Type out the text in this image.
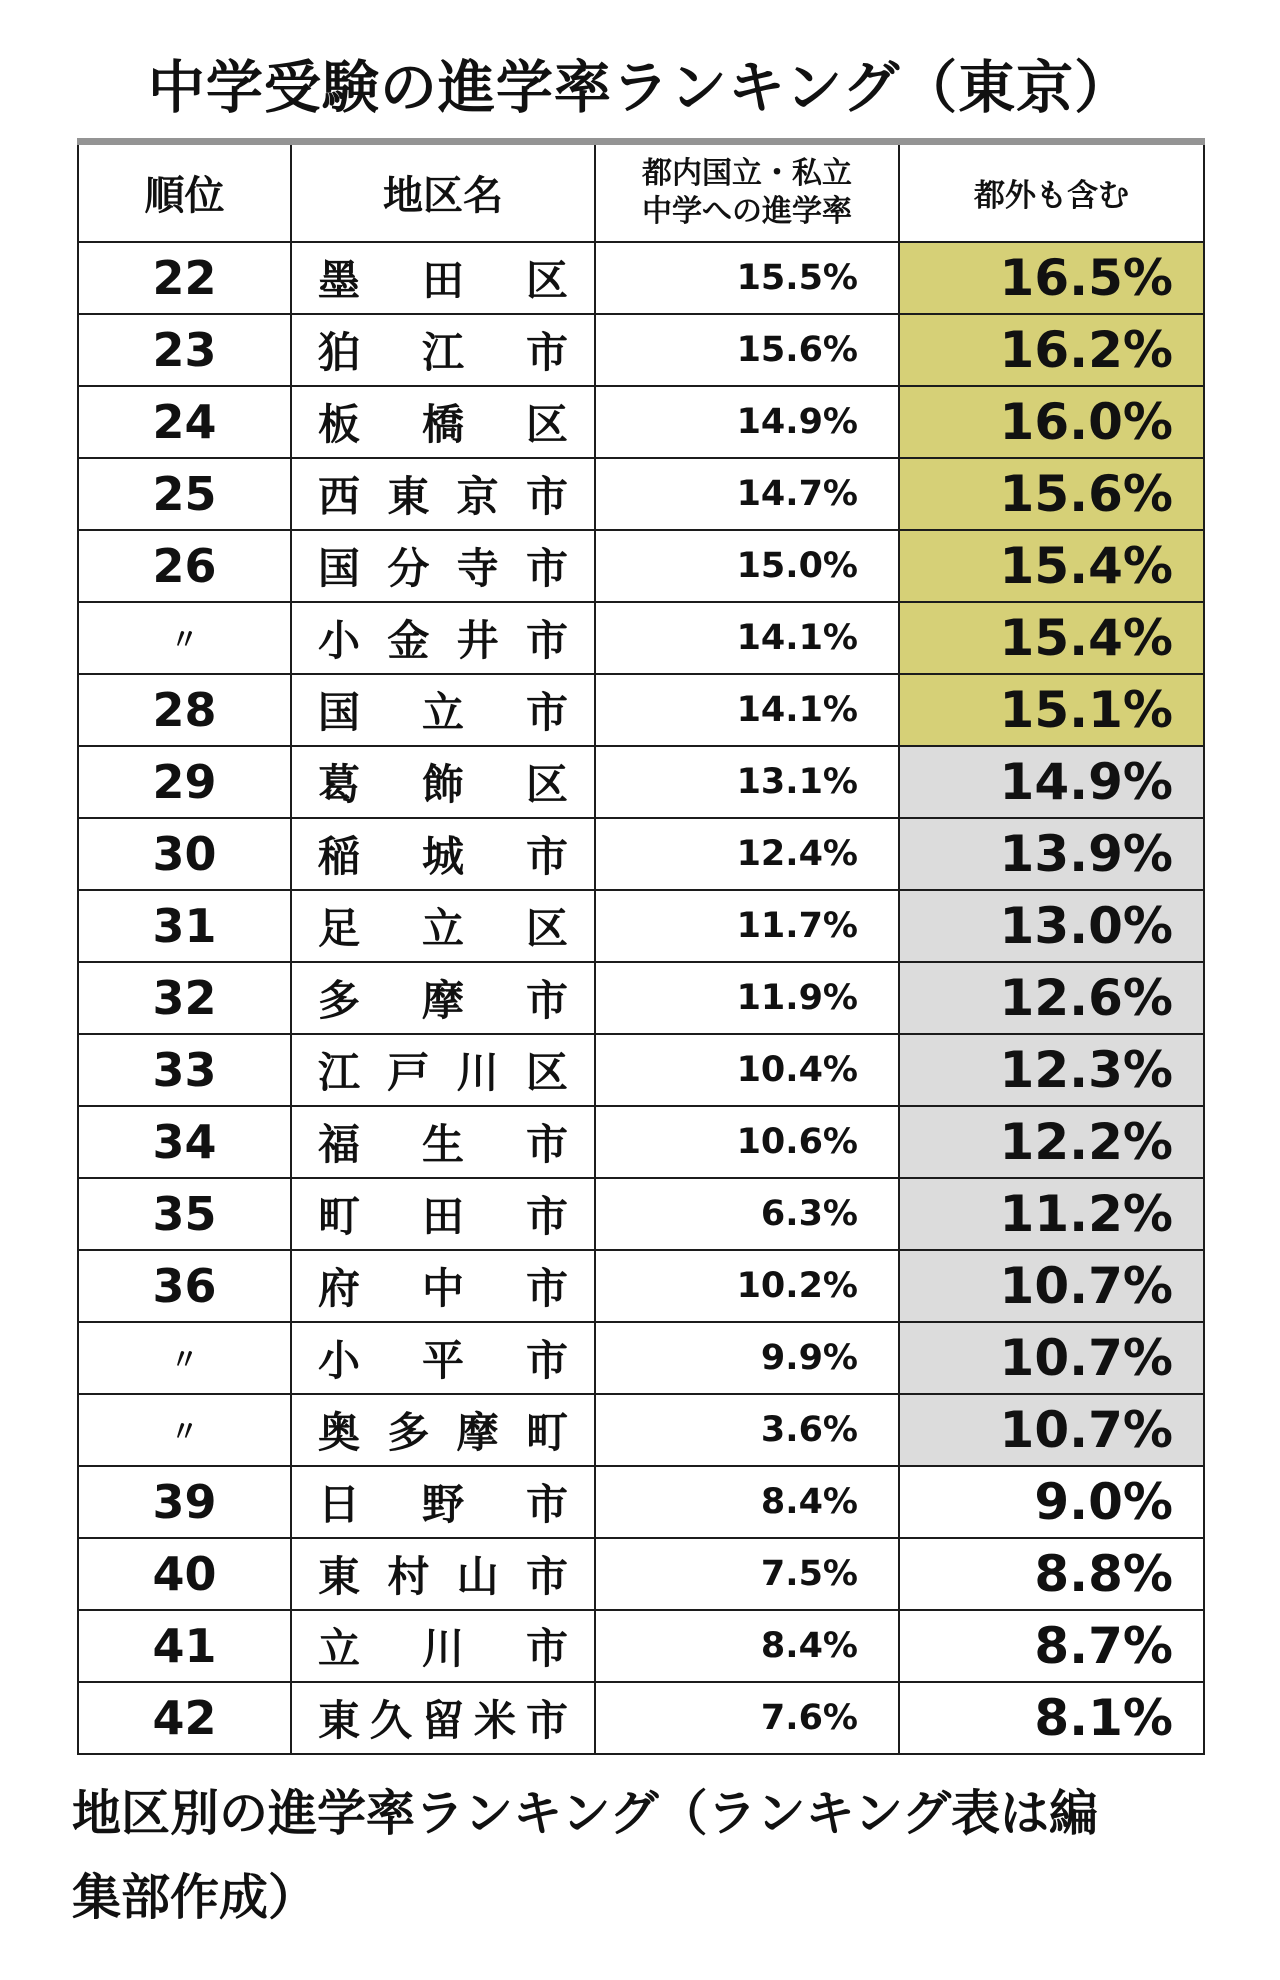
中学受験の進学率ランキング（東京）
順位	地区名	都内国立・私立
中学への進学率	都外も含む
22	墨田区	15.5%	16.5%
23	狛江市	15.6%	16.2%
24	板橋区	14.9%	16.0%
25	西東京市	14.7%	15.6%
26	国分寺市	15.0%	15.4%
〃	小金井市	14.1%	15.4%
28	国立市	14.1%	15.1%
29	葛飾区	13.1%	14.9%
30	稲城市	12.4%	13.9%
31	足立区	11.7%	13.0%
32	多摩市	11.9%	12.6%
33	江戸川区	10.4%	12.3%
34	福生市	10.6%	12.2%
35	町田市	6.3%	11.2%
36	府中市	10.2%	10.7%
〃	小平市	9.9%	10.7%
〃	奥多摩町	3.6%	10.7%
39	日野市	8.4%	9.0%
40	東村山市	7.5%	8.8%
41	立川市	8.4%	8.7%
42	東久留米市	7.6%	8.1%
地区別の進学率ランキング（ランキング表は編
集部作成）
